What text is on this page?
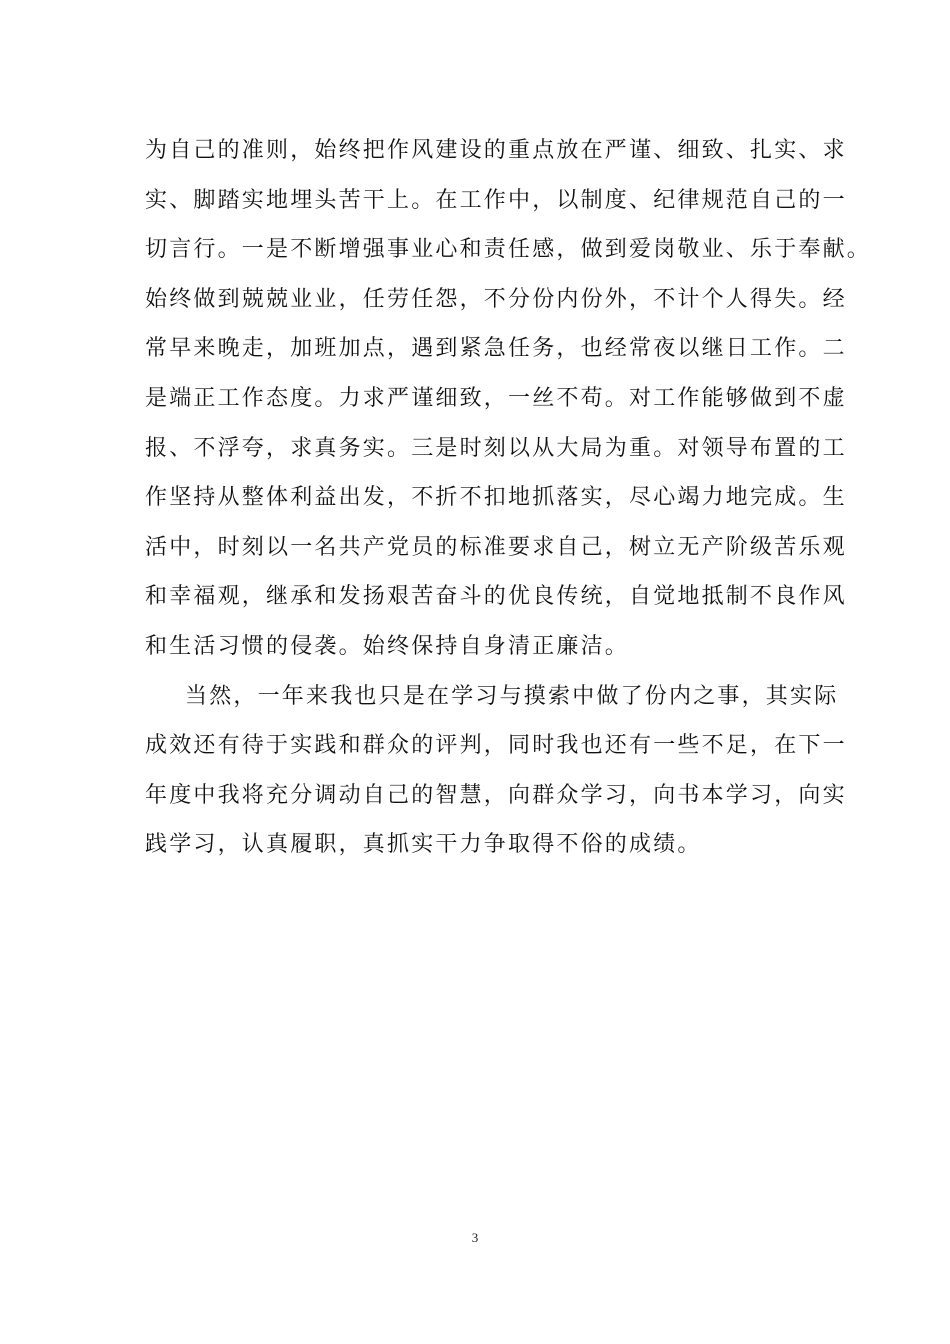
为自己的准则，始终把作风建设的重点放在严谨、细致、扎实、求
实、脚踏实地埋头苦干上。在工作中，以制度、纪律规范自己的一
切言行。一是不断增强事业心和责任感，做到爱岗敬业、乐于奉献。
始终做到兢兢业业，任劳任怨，不分份内份外，不计个人得失。经
常早来晚走，加班加点，遇到紧急任务，也经常夜以继日工作。二
是端正工作态度。力求严谨细致，一丝不苟。对工作能够做到不虚
报、不浮夸，求真务实。三是时刻以从大局为重。对领导布置的工
作坚持从整体利益出发，不折不扣地抓落实，尽心竭力地完成。生
活中，时刻以一名共产党员的标准要求自己，树立无产阶级苦乐观
和幸福观，继承和发扬艰苦奋斗的优良传统，自觉地抵制不良作风
和生活习惯的侵袭。始终保持自身清正廉洁。
当然，一年来我也只是在学习与摸索中做了份内之事，其实际
成效还有待于实践和群众的评判，同时我也还有一些不足，在下一
年度中我将充分调动自己的智慧，向群众学习，向书本学习，向实
践学习，认真履职，真抓实干力争取得不俗的成绩。
3
